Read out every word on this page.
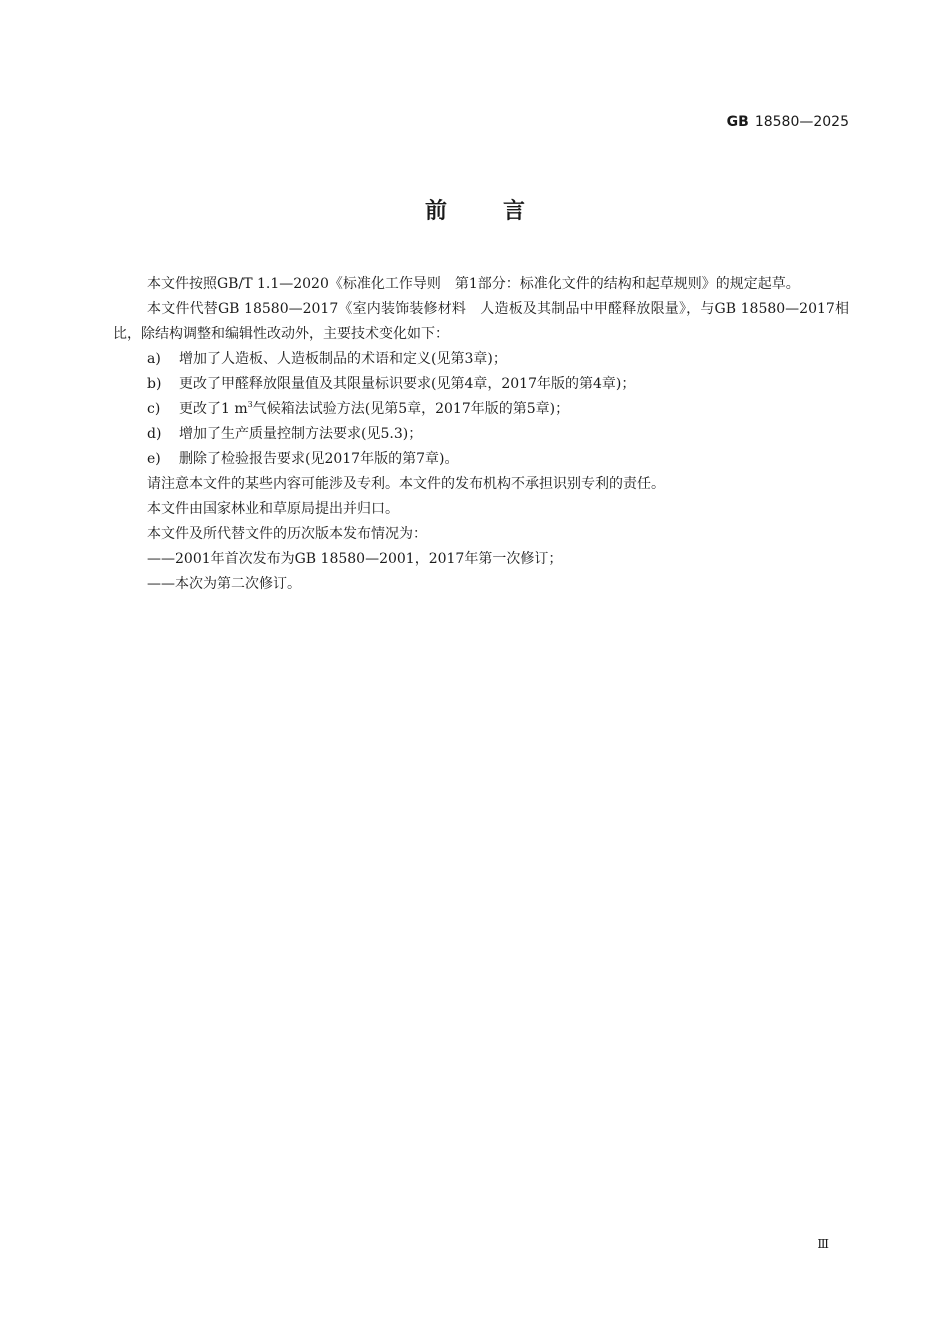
GB 18580—2025
前言

本文件按照GB/T 1.1—2020《标准化工作导则　第1部分：标准化文件的结构和起草规则》的规定起草。

本文件代替GB 18580—2017《室内装饰装修材料　人造板及其制品中甲醛释放限量》，与GB 18580—2017相比，除结构调整和编辑性改动外，主要技术变化如下：

a) 增加了人造板、人造板制品的术语和定义(见第3章)；

b) 更改了甲醛释放限量值及其限量标识要求(见第4章，2017年版的第4章)；

c) 更改了1 $m^3$气候箱法试验方法(见第5章，2017年版的第5章)；

d) 增加了生产质量控制方法要求(见5.3)；

e) 删除了检验报告要求(见2017年版的第7章)。

请注意本文件的某些内容可能涉及专利。本文件的发布机构不承担识别专利的责任。

本文件由国家林业和草原局提出并归口。

本文件及所代替文件的历次版本发布情况为：

——2001年首次发布为GB 18580—2001，2017年第一次修订；

——本次为第二次修订。

Ⅲ
